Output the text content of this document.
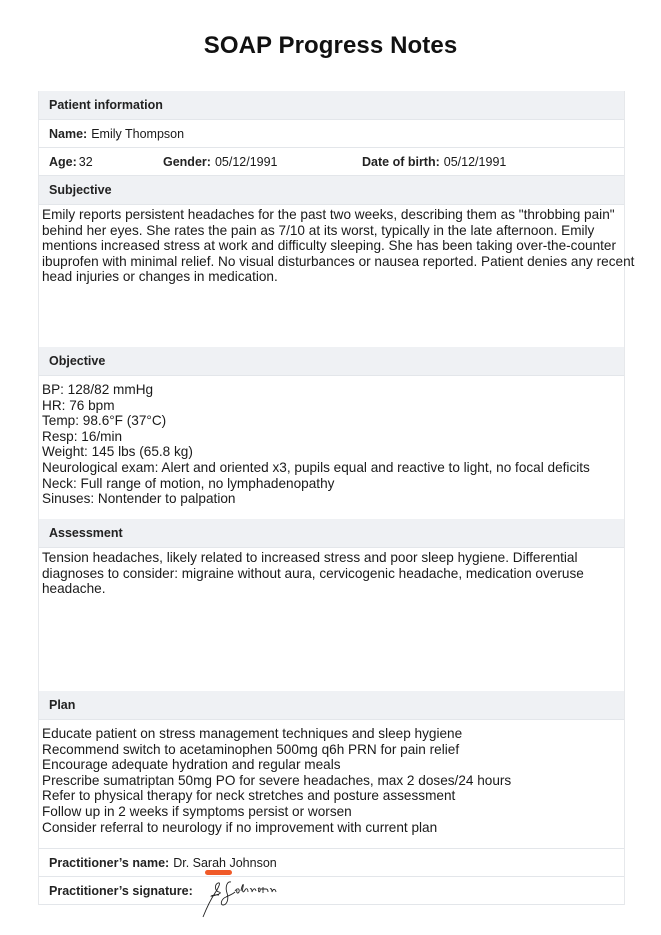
SOAP Progress Notes
Patient information
Name: Emily Thompson
Age: 32	Gender: 05/12/1991	Date of birth: 05/12/1991
Subjective
Emily reports persistent headaches for the past two weeks, describing them as "throbbing pain"
behind her eyes. She rates the pain as 7/10 at its worst, typically in the late afternoon. Emily
mentions increased stress at work and difficulty sleeping. She has been taking over-the-counter
ibuprofen with minimal relief. No visual disturbances or nausea reported. Patient denies any recent
head injuries or changes in medication.
Objective
BP: 128/82 mmHg
HR: 76 bpm
Temp: 98.6°F (37°C)
Resp: 16/min
Weight: 145 lbs (65.8 kg)
Neurological exam: Alert and oriented x3, pupils equal and reactive to light, no focal deficits
Neck: Full range of motion, no lymphadenopathy
Sinuses: Nontender to palpation
Assessment
Tension headaches, likely related to increased stress and poor sleep hygiene. Differential
diagnoses to consider: migraine without aura, cervicogenic headache, medication overuse
headache.
Plan
Educate patient on stress management techniques and sleep hygiene
Recommend switch to acetaminophen 500mg q6h PRN for pain relief
Encourage adequate hydration and regular meals
Prescribe sumatriptan 50mg PO for severe headaches, max 2 doses/24 hours
Refer to physical therapy for neck stretches and posture assessment
Follow up in 2 weeks if symptoms persist or worsen
Consider referral to neurology if no improvement with current plan
Practitioner’s name: Dr. Sarah Johnson
Practitioner’s signature:
